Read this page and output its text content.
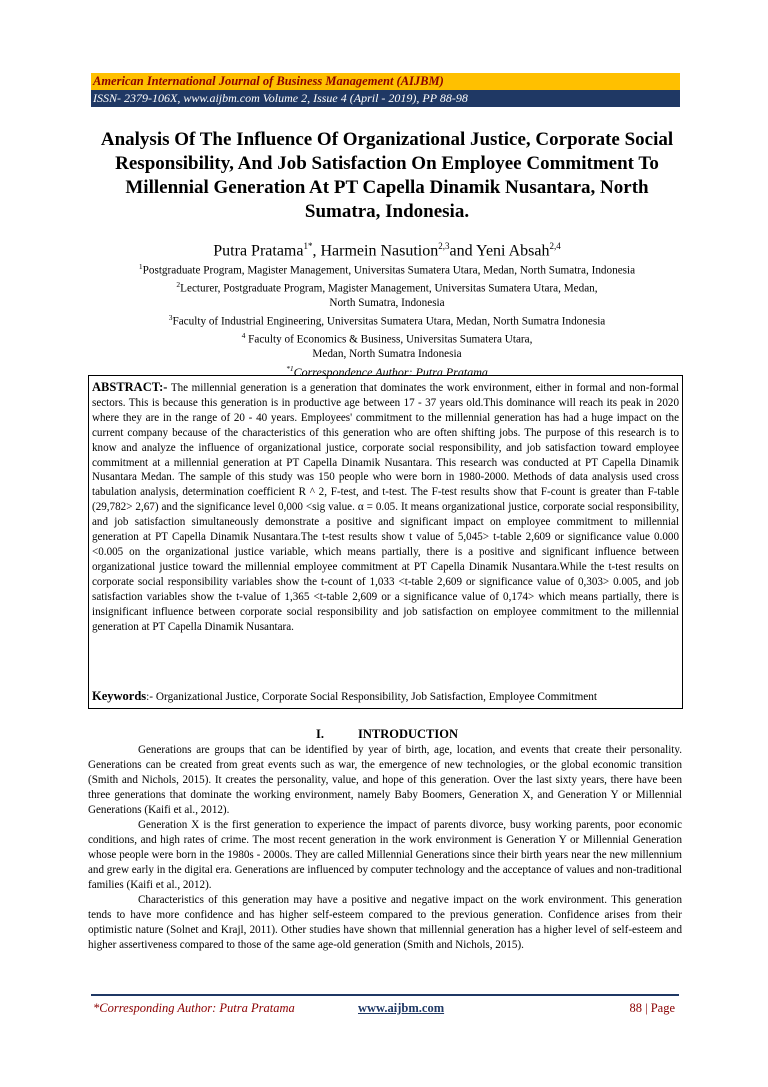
American International Journal of Business Management (AIJBM)
ISSN- 2379-106X, www.aijbm.com Volume 2, Issue 4 (April - 2019), PP 88-98
Analysis Of The Influence Of Organizational Justice, Corporate Social Responsibility, And Job Satisfaction On Employee Commitment To Millennial Generation At PT Capella Dinamik Nusantara, North Sumatra, Indonesia.
Putra Pratama$^{1*}$, Harmein Nasution$^{2,3}$and Yeni Absah$^{2,4}$
$^1$Postgraduate Program, Magister Management, Universitas Sumatera Utara, Medan, North Sumatra, Indonesia
$^2$Lecturer, Postgraduate Program, Magister Management, Universitas Sumatera Utara, Medan,
North Sumatra, Indonesia
$^3$Faculty of Industrial Engineering, Universitas Sumatera Utara, Medan, North Sumatra Indonesia
$^4$ Faculty of Economics & Business, Universitas Sumatera Utara,
Medan, North Sumatra Indonesia
$^{*1}$Correspondence Author: Putra Pratama
ABSTRACT:- The millennial generation is a generation that dominates the work environment, either in formal and non-formal sectors. This is because this generation is in productive age between 17 - 37 years old.This dominance will reach its peak in 2020 where they are in the range of 20 - 40 years. Employees' commitment to the millennial generation has had a huge impact on the current company because of the characteristics of this generation who are often shifting jobs. The purpose of this research is to know and analyze the influence of organizational justice, corporate social responsibility, and job satisfaction toward employee commitment at a millennial generation at PT Capella Dinamik Nusantara. This research was conducted at PT Capella Dinamik Nusantara Medan. The sample of this study was 150 people who were born in 1980-2000. Methods of data analysis used cross tabulation analysis, determination coefficient R ^ 2, F-test, and t-test. The F-test results show that F-count is greater than F-table (29,782> 2,67) and the significance level 0,000 <sig value. α = 0.05. It means organizational justice, corporate social responsibility, and job satisfaction simultaneously demonstrate a positive and significant impact on employee commitment to millennial generation at PT Capella Dinamik Nusantara.The t-test results show t value of 5,045> t-table 2,609 or significance value 0.000 <0.005 on the organizational justice variable, which means partially, there is a positive and significant influence between organizational justice toward the millennial employee commitment at PT Capella Dinamik Nusantara.While the t-test results on corporate social responsibility variables show the t-count of 1,033 <t-table 2,609 or significance value of 0,303> 0.005, and job satisfaction variables show the t-value of 1,365 <t-table 2,609 or a significance value of 0,174> which means partially, there is insignificant influence between corporate social responsibility and job satisfaction on employee commitment to the millennial generation at PT Capella Dinamik Nusantara.
Keywords:- Organizational Justice, Corporate Social Responsibility, Job Satisfaction, Employee Commitment
I.	INTRODUCTION

Generations are groups that can be identified by year of birth, age, location, and events that create their personality. Generations can be created from great events such as war, the emergence of new technologies, or the global economic transition (Smith and Nichols, 2015). It creates the personality, value, and hope of this generation. Over the last sixty years, there have been three generations that dominate the working environment, namely Baby Boomers, Generation X, and Generation Y or Millennial Generations (Kaifi et al., 2012).

Generation X is the first generation to experience the impact of parents divorce, busy working parents, poor economic conditions, and high rates of crime. The most recent generation in the work environment is Generation Y or Millennial Generation whose people were born in the 1980s - 2000s. They are called Millennial Generations since their birth years near the new millennium and grew early in the digital era. Generations are influenced by computer technology and the acceptance of values and non-traditional families (Kaifi et al., 2012).

Characteristics of this generation may have a positive and negative impact on the work environment. This generation tends to have more confidence and has higher self-esteem compared to the previous generation. Confidence arises from their optimistic nature (Solnet and Krajl, 2011). Other studies have shown that millennial generation has a higher level of self-esteem and higher assertiveness compared to those of the same age-old generation (Smith and Nichols, 2015).

*Corresponding Author: Putra Pratama	www.aijbm.com	88 | Page
